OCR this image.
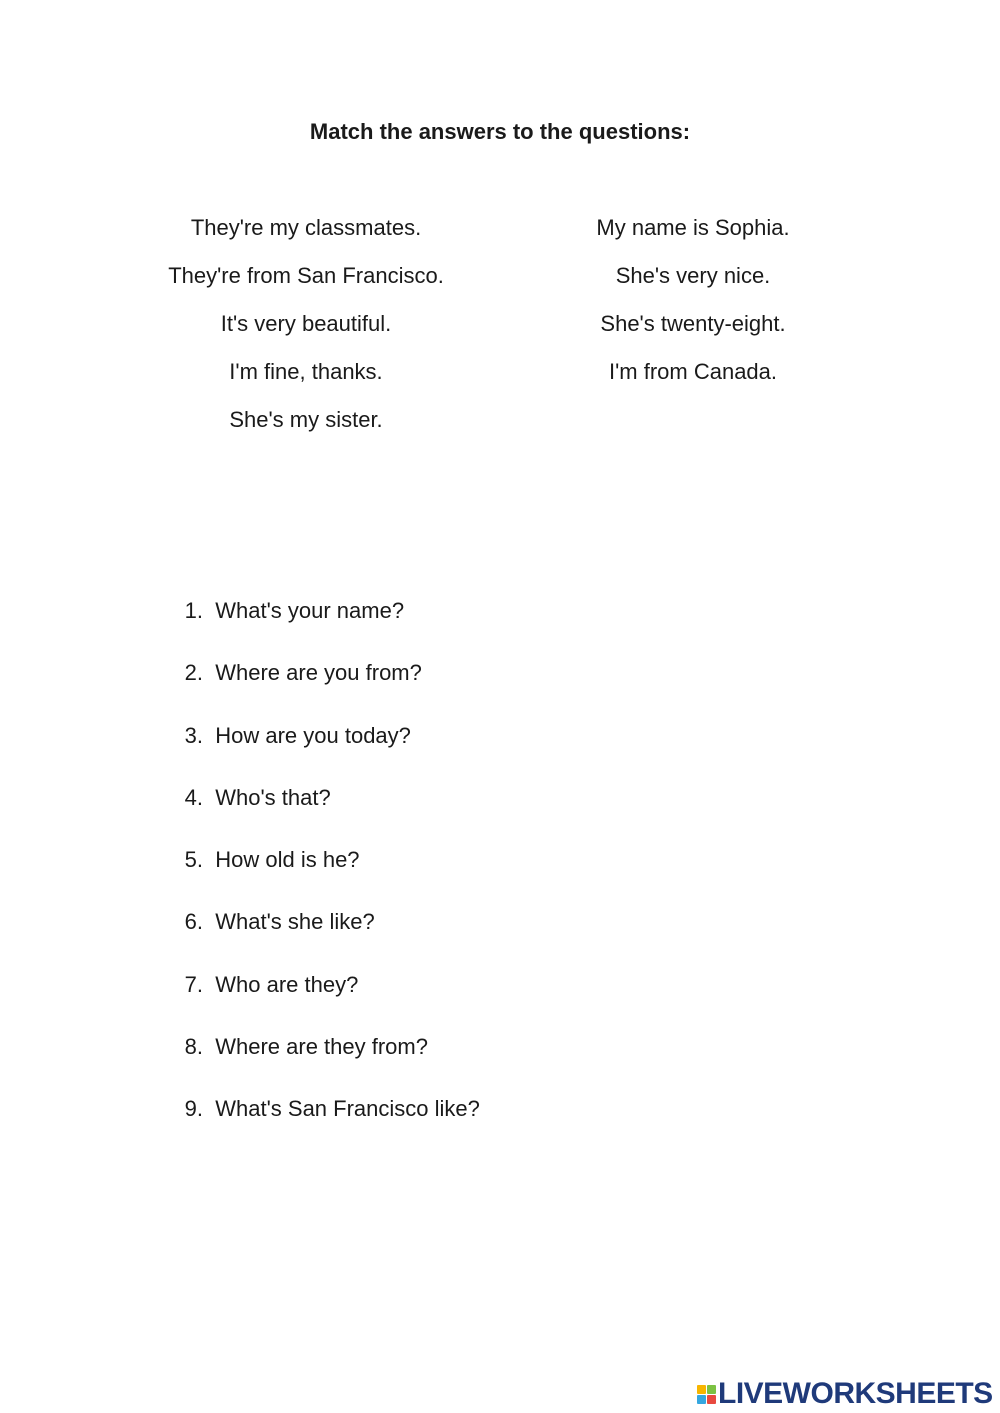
Match the answers to the questions:
They're my classmates.
They're from San Francisco.
It's very beautiful.
I'm fine, thanks.
She's my sister.
My name is Sophia.
She's very nice.
She's twenty-eight.
I'm from Canada.
1.
What's your name?
2.
Where are you from?
3.
How are you today?
4.
Who's that?
5.
How old is he?
6.
What's she like?
7.
Who are they?
8.
Where are they from?
9.
What's San Francisco like?
LIVEWORKSHEETS
